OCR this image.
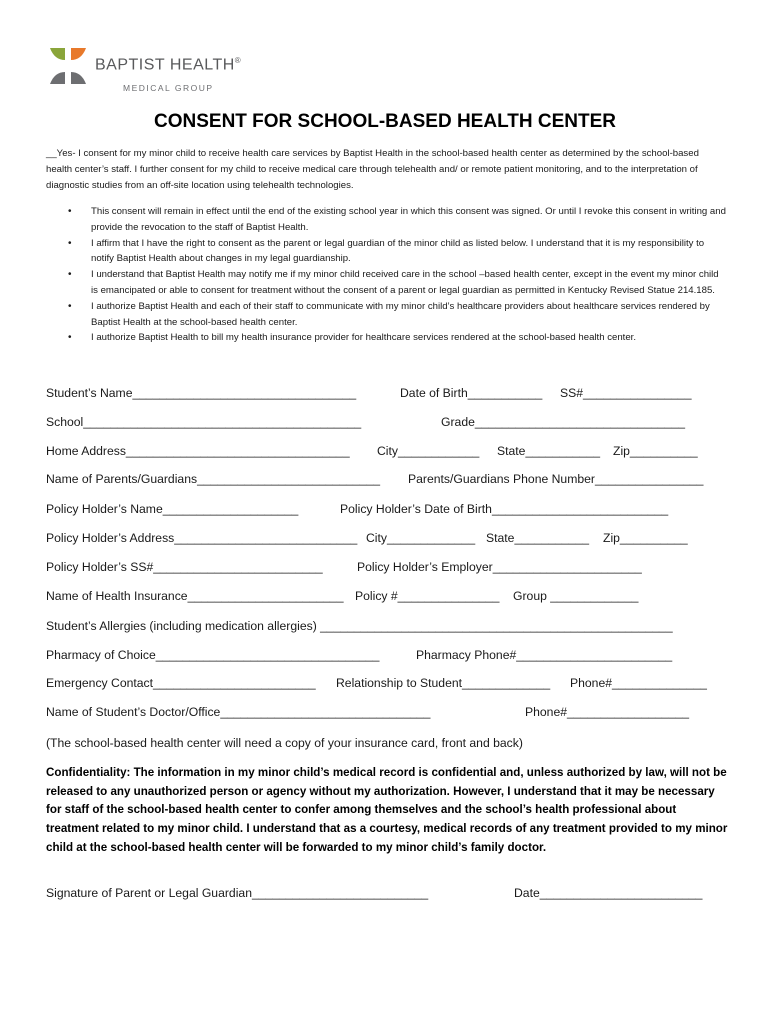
BAPTIST HEALTH®
MEDICAL GROUP
CONSENT FOR SCHOOL-BASED HEALTH CENTER
__Yes- I consent for my minor child to receive health care services by Baptist Health in the school-based health center as determined by the school-based health center’s staff. I further consent for my child to receive medical care through telehealth and/ or remote patient monitoring, and to the interpretation of diagnostic studies from an off-site location using telehealth technologies.
• This consent will remain in effect until the end of the existing school year in which this consent was signed. Or until I revoke this consent in writing and provide the revocation to the staff of Baptist Health.
• I affirm that I have the right to consent as the parent or legal guardian of the minor child as listed below. I understand that it is my responsibility to notify Baptist Health about changes in my legal guardianship.
• I understand that Baptist Health may notify me if my minor child received care in the school –based health center, except in the event my minor child is emancipated or able to consent for treatment without the consent of a parent or legal guardian as permitted in Kentucky Revised Statue 214.185.
• I authorize Baptist Health and each of their staff to communicate with my minor child’s healthcare providers about healthcare services rendered by Baptist Health at the school-based health center.
• I authorize Baptist Health to bill my health insurance provider for healthcare services rendered at the school-based health center.
Student’s Name_________________________________	Date of Birth___________ SS#________________
School_________________________________________	Grade_______________________________
Home Address_________________________________ City____________ State___________ Zip__________
Name of Parents/Guardians___________________________ Parents/Guardians Phone Number________________
Policy Holder’s Name____________________	Policy Holder’s Date of Birth__________________________
Policy Holder’s Address___________________________ City_____________ State___________ Zip__________
Policy Holder’s SS#_________________________	Policy Holder’s Employer______________________
Name of Health Insurance_______________________ Policy #_______________ Group _____________
Student’s Allergies (including medication allergies) ____________________________________________________
Pharmacy of Choice_________________________________	Pharmacy Phone#_______________________
Emergency Contact________________________ Relationship to Student_____________ Phone#______________
Name of Student’s Doctor/Office_______________________________	Phone#__________________
(The school-based health center will need a copy of your insurance card, front and back)
Confidentiality: The information in my minor child’s medical record is confidential and, unless authorized by law, will not be released to any unauthorized person or agency without my authorization. However, I understand that it may be necessary for staff of the school-based health center to confer among themselves and the school’s health professional about treatment related to my minor child. I understand that as a courtesy, medical records of any treatment provided to my minor child at the school-based health center will be forwarded to my minor child’s family doctor.
Signature of Parent or Legal Guardian__________________________	Date________________________
